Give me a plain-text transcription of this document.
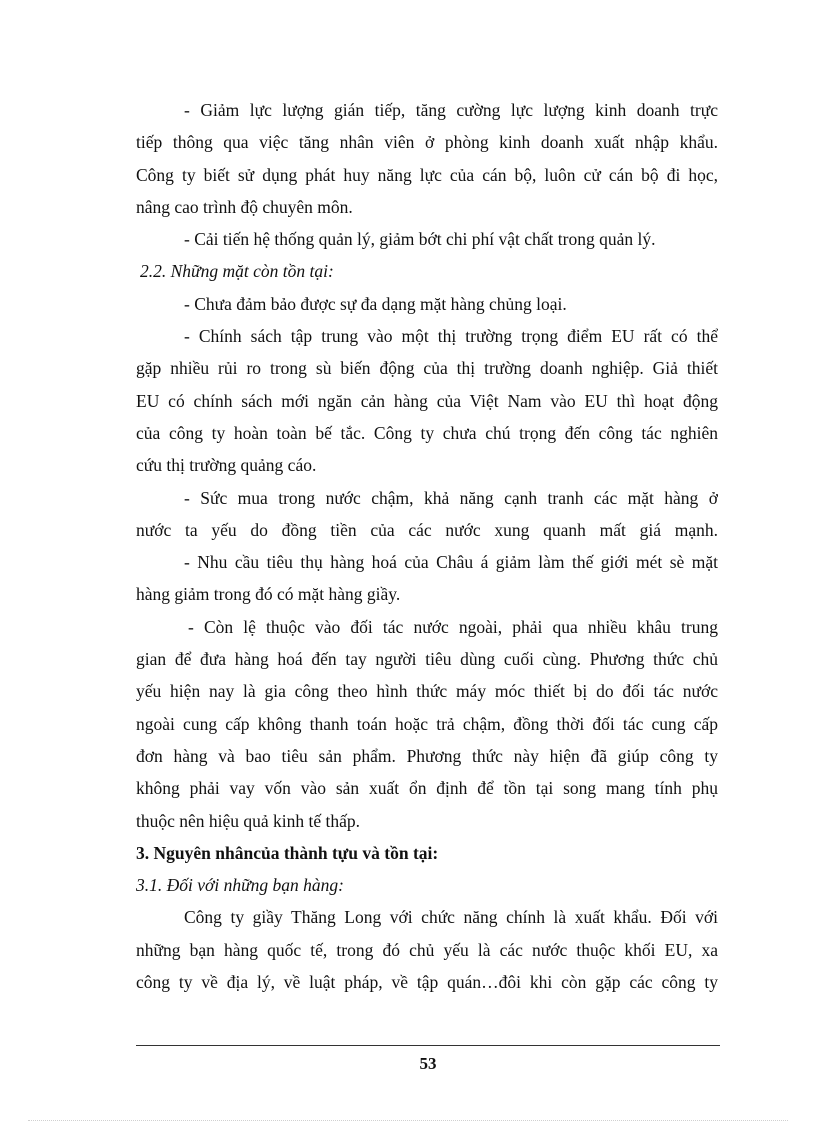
- Giảm lực lượng gián tiếp, tăng cường lực lượng kinh doanh trực
tiếp thông qua việc tăng nhân viên ở phòng kinh doanh xuất nhập khẩu.
Công ty biết sử dụng phát huy năng lực của cán bộ, luôn cử cán bộ đi học,
nâng cao trình độ chuyên môn.
- Cải tiến hệ thống quản lý, giảm bớt chi phí vật chất trong quản lý.
2.2. Những mặt còn tồn tại:
- Chưa đảm bảo được sự đa dạng mặt hàng chủng loại.
- Chính sách tập trung vào một thị trường trọng điểm EU rất có thể
gặp nhiều rủi ro trong sù biến động của thị trường doanh nghiệp. Giả thiết
EU có chính sách mới ngăn cản hàng của Việt Nam vào EU thì hoạt động
của công ty hoàn toàn bế tắc. Công ty chưa chú trọng đến công tác nghiên
cứu thị trường quảng cáo.
- Sức mua trong nước chậm, khả năng cạnh tranh các mặt hàng ở
nước ta yếu do đồng tiền của các nước xung quanh mất giá mạnh.
- Nhu cầu tiêu thụ hàng hoá của Châu á giảm làm thế giới mét sè mặt
hàng giảm trong đó có mặt hàng giầy.
- Còn lệ thuộc vào đối tác nước ngoài, phải qua nhiều khâu trung
gian để đưa hàng hoá đến tay người tiêu dùng cuối cùng. Phương thức chủ
yếu hiện nay là gia công theo hình thức máy móc thiết bị do đối tác nước
ngoài cung cấp không thanh toán hoặc trả chậm, đồng thời đối tác cung cấp
đơn hàng và bao tiêu sản phẩm. Phương thức này hiện đã giúp công ty
không phải vay vốn vào sản xuất ổn định để tồn tại song mang tính phụ
thuộc nên hiệu quả kinh tế thấp.
3. Nguyên nhâncủa thành tựu và tồn tại:
3.1. Đối với những bạn hàng:
Công ty giầy Thăng Long với chức năng chính là xuất khẩu. Đối với
những bạn hàng quốc tế, trong đó chủ yếu là các nước thuộc khối EU, xa
công ty về địa lý, về luật pháp, về tập quán…đôi khi còn gặp các công ty
53
